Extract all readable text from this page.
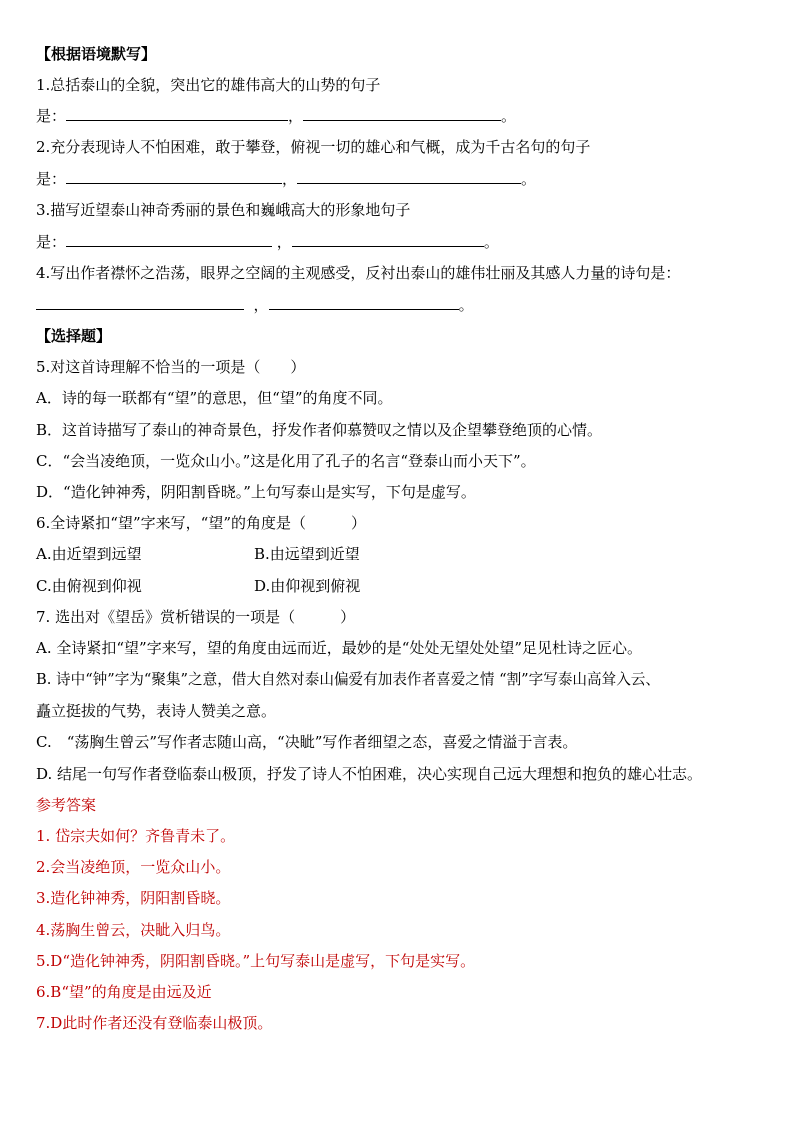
【根据语境默写】
1.总括泰山的全貌，突出它的雄伟高大的山势的句子
是：	，	。
2.充分表现诗人不怕困难，敢于攀登，俯视一切的雄心和气概，成为千古名句的句子
是：	，	。
3.描写近望泰山神奇秀丽的景色和巍峨高大的形象地句子
是：	，	。
4.写出作者襟怀之浩荡，眼界之空阔的主观感受，反衬出泰山的雄伟壮丽及其感人力量的诗句是：
，	。
【选择题】
5.对这首诗理解不恰当的一项是（　　）
A．诗的每一联都有“望”的意思，但“望”的角度不同。
B．这首诗描写了泰山的神奇景色，抒发作者仰慕赞叹之情以及企望攀登绝顶的心情。
C．“会当凌绝顶，一览众山小。”这是化用了孔子的名言“登泰山而小天下”。
D．“造化钟神秀，阴阳割昏晓。”上句写泰山是实写，下句是虚写。
6.全诗紧扣“望”字来写，“望”的角度是（　　　）
A.由近望到远望	B.由远望到近望
C.由俯视到仰视	D.由仰视到俯视
7. 选出对《望岳》赏析错误的一项是（　　　）
A. 全诗紧扣“望”字来写，望的角度由远而近，最妙的是“处处无望处处望”足见杜诗之匠心。
B. 诗中“钟”字为“聚集”之意，借大自然对泰山偏爱有加表作者喜爱之情 “割”字写泰山高耸入云、
矗立挺拔的气势，表诗人赞美之意。
C.　“荡胸生曾云”写作者志随山高，“决眦”写作者细望之态，喜爱之情溢于言表。
D. 结尾一句写作者登临泰山极顶，抒发了诗人不怕困难，决心实现自己远大理想和抱负的雄心壮志。
参考答案
1. 岱宗夫如何？齐鲁青未了。
2.会当凌绝顶，一览众山小。
3.造化钟神秀，阴阳割昏晓。
4.荡胸生曾云，决眦入归鸟。
5.D“造化钟神秀，阴阳割昏晓。”上句写泰山是虚写，下句是实写。
6.B“望”的角度是由远及近
7.D此时作者还没有登临泰山极顶。
